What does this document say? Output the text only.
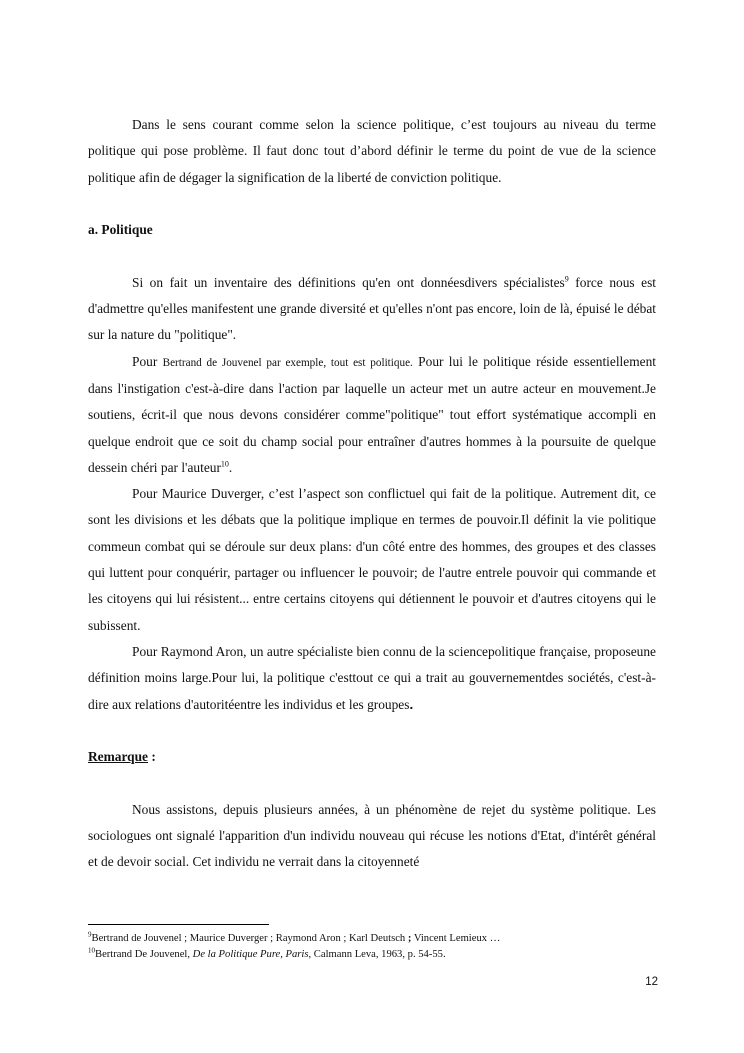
Dans le sens courant comme selon la science politique, c’est toujours au niveau du terme politique qui pose problème. Il faut donc tout d’abord définir le terme du point de vue de la science politique afin de dégager la signification de la liberté de conviction politique.

a. Politique

Si on fait un inventaire des définitions qu'en ont donnéesdivers spécialistes$^9$ force nous est d'admettre qu'elles manifestent une grande diversité et qu'elles n'ont pas encore, loin de là, épuisé le débat sur la nature du "politique".

Pour Bertrand de Jouvenel par exemple, tout est politique. Pour lui le politique réside essentiellement dans l'instigation c'est-à-dire dans l'action par laquelle un acteur met un autre acteur en mouvement.Je soutiens, écrit-il que nous devons considérer comme"politique" tout effort systématique accompli en quelque endroit que ce soit du champ social pour entraîner d'autres hommes à la poursuite de quelque dessein chéri par l'auteur$^{10}$.

Pour Maurice Duverger, c’est l’aspect son conflictuel qui fait de la politique. Autrement dit, ce sont les divisions et les débats que la politique implique en termes de pouvoir.Il définit la vie politique commeun combat qui se déroule sur deux plans: d'un côté entre des hommes, des groupes et des classes qui luttent pour conquérir, partager ou influencer le pouvoir; de l'autre entrele pouvoir qui commande et les citoyens qui lui résistent... entre certains citoyens qui détiennent le pouvoir et d'autres citoyens qui le subissent.

Pour Raymond Aron, un autre spécialiste bien connu de la sciencepolitique française, proposeune définition moins large.Pour lui, la politique c'esttout ce qui a trait au gouvernementdes sociétés, c'est-à-dire aux relations d'autoritéentre les individus et les groupes.

Remarque :

Nous assistons, depuis plusieurs années, à un phénomène de rejet du système politique. Les sociologues ont signalé l'apparition d'un individu nouveau qui récuse les notions d'Etat, d'intérêt général et de devoir social. Cet individu ne verrait dans la citoyenneté

$^9$Bertrand de Jouvenel ; Maurice Duverger ; Raymond Aron ; Karl Deutsch ; Vincent Lemieux …
$^{10}$Bertrand De Jouvenel, De la Politique Pure, Paris, Calmann Leva, 1963, p. 54-55.
12
